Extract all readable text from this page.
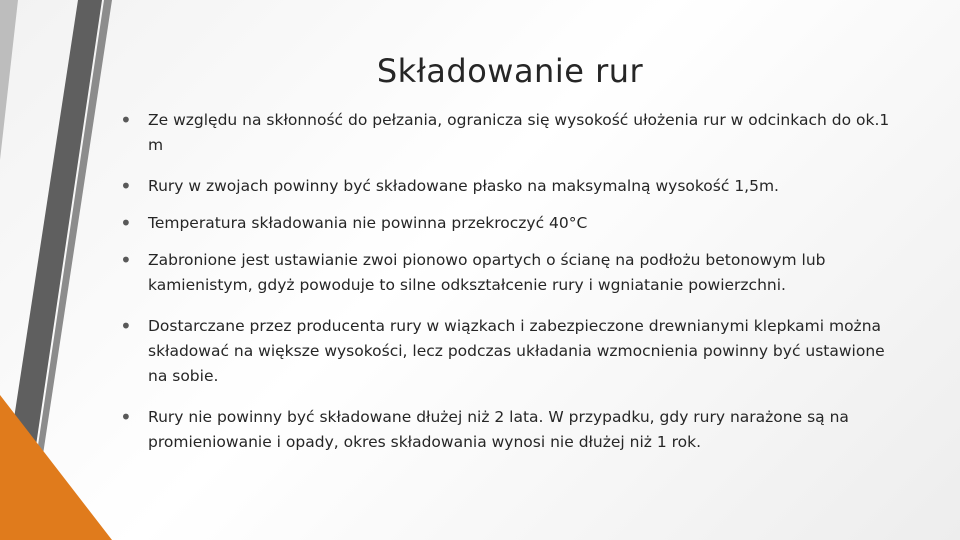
Składowanie rur
• Ze względu na skłonność do pełzania, ogranicza się wysokość ułożenia rur w odcinkach do ok.1 m
• Rury w zwojach powinny być składowane płasko na maksymalną wysokość 1,5m.
• Temperatura składowania nie powinna przekroczyć 40°C
• Zabronione jest ustawianie zwoi pionowo opartych o ścianę na podłożu betonowym lub kamienistym, gdyż powoduje to silne odkształcenie rury i wgniatanie powierzchni.
• Dostarczane przez producenta rury w wiązkach i zabezpieczone drewnianymi klepkami można składować na większe wysokości, lecz podczas układania wzmocnienia powinny być ustawione na sobie.
• Rury nie powinny być składowane dłużej niż 2 lata. W przypadku, gdy rury narażone są na promieniowanie i opady, okres składowania wynosi nie dłużej niż 1 rok.
